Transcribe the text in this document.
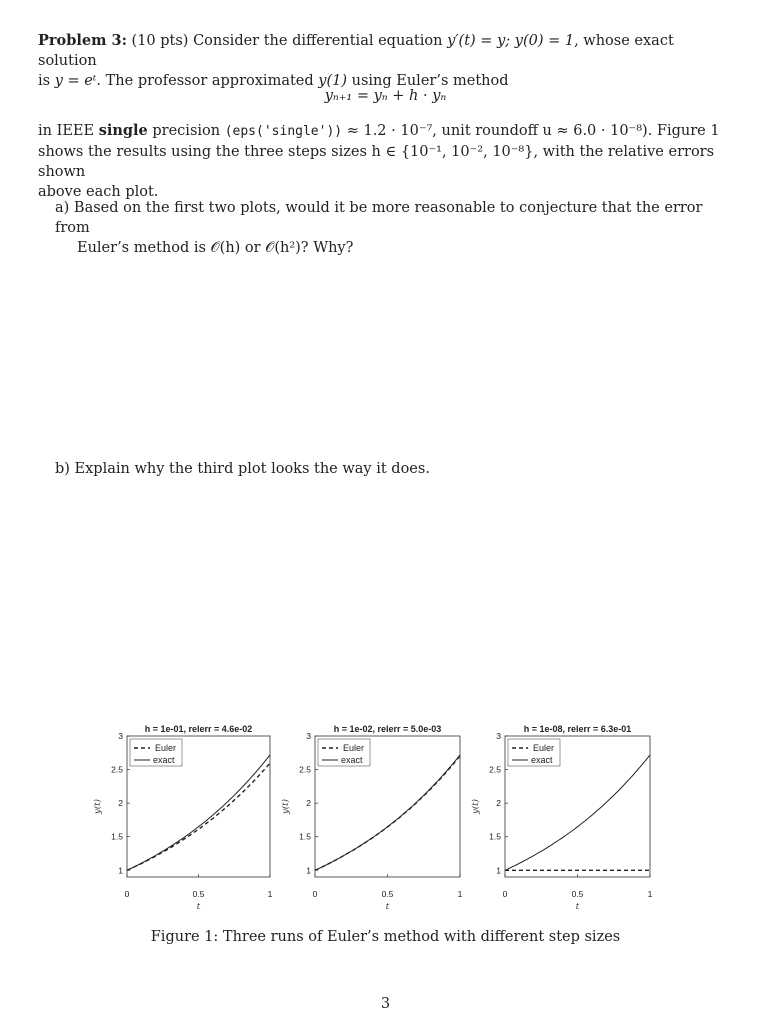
Problem 3: (10 pts) Consider the differential equation y′(t) = y; y(0) = 1, whose exact solution
is y = eᵗ. The professor approximated y(1) using Euler’s method
yₙ₊₁ = yₙ + h · yₙ
in IEEE single precision (eps('single')) ≈ 1.2 · 10⁻⁷, unit roundoff u ≈ 6.0 · 10⁻⁸). Figure 1
shows the results using the three steps sizes h ∈ {10⁻¹, 10⁻², 10⁻⁸}, with the relative errors shown
above each plot.
a) Based on the first two plots, would it be more reasonable to conjecture that the error from
Euler’s method is 𝒪(h) or 𝒪(h²)? Why?
b) Explain why the third plot looks the way it does.
h = 1e-01, relerr = 4.6e-02
1
1.5
2
2.5
3
0	0.5	1
t
y(t)
Euler
exact
h = 1e-02, relerr = 5.0e-03
1
1.5
2
2.5
3
0	0.5	1
t
y(t)
Euler
exact
h = 1e-08, relerr = 6.3e-01
1
1.5
2
2.5
3
0	0.5	1
t
y(t)
Euler
exact
Figure 1: Three runs of Euler’s method with different step sizes
3
